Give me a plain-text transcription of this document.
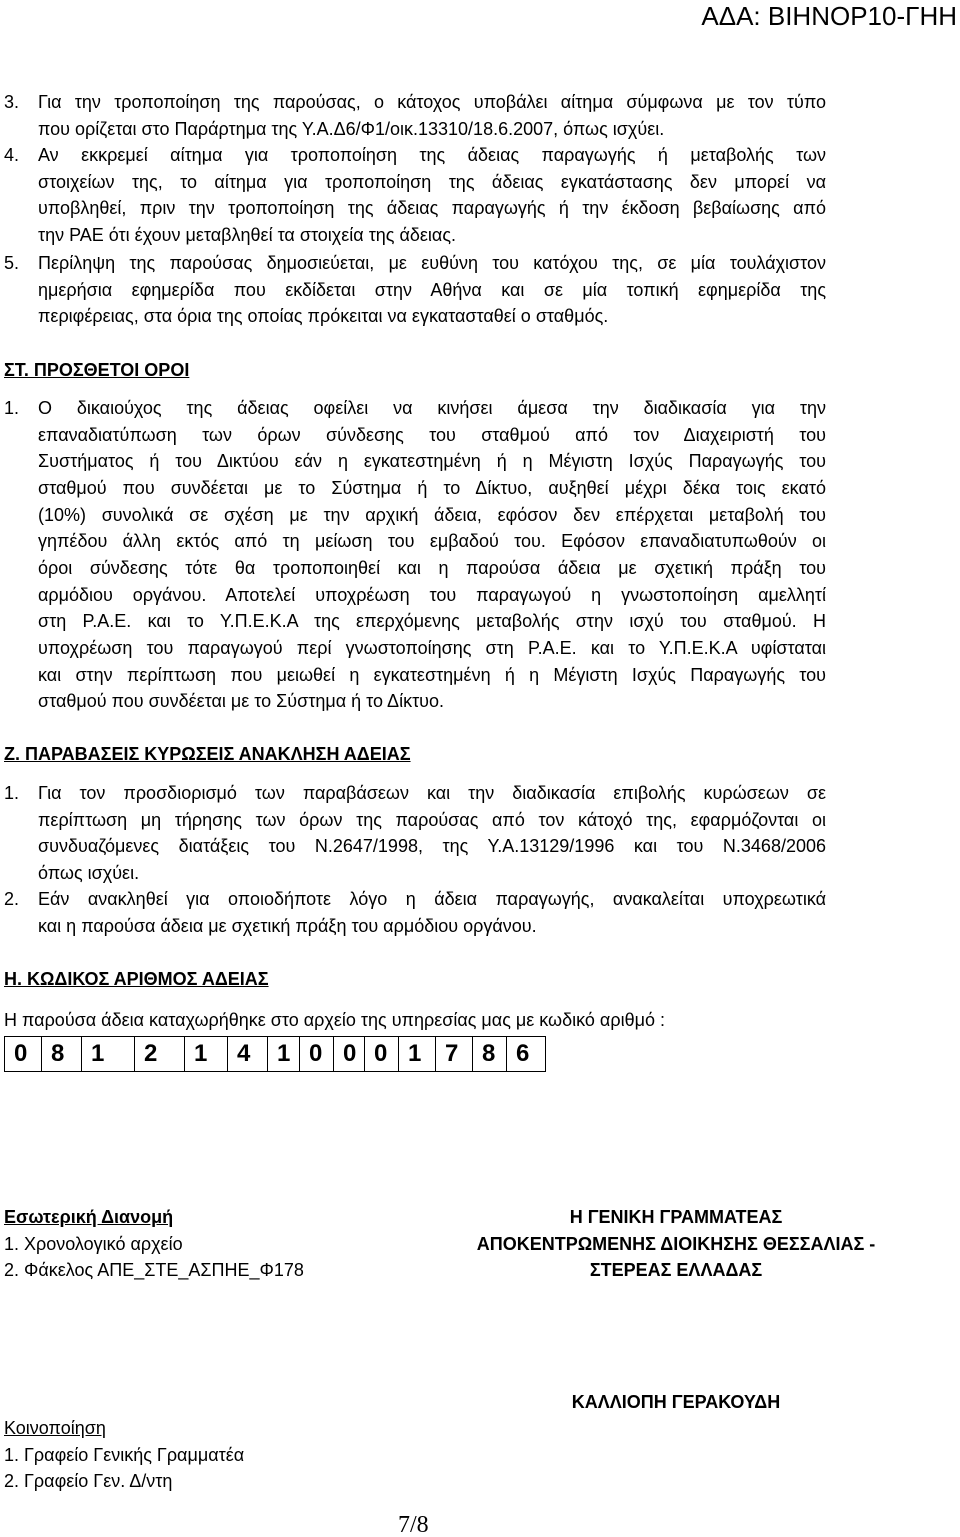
ΑΔΑ: ΒΙΗΝΟΡ10-ΓΗΗ
3. Για την τροποποίηση της παρούσας, ο κάτοχος υποβάλει αίτημα σύμφωνα με τον τύπο
που ορίζεται στο Παράρτημα της Υ.Α.Δ6/Φ1/οικ.13310/18.6.2007, όπως ισχύει.
4. Αν εκκρεμεί αίτημα για τροποποίηση της άδειας παραγωγής ή μεταβολής των
στοιχείων της, το αίτημα για τροποποίηση της άδειας εγκατάστασης δεν μπορεί να
υποβληθεί, πριν την τροποποίηση της άδειας παραγωγής ή την έκδοση βεβαίωσης από
την ΡΑΕ ότι έχουν μεταβληθεί τα στοιχεία της άδειας.
5. Περίληψη της παρούσας δημοσιεύεται, με ευθύνη του κατόχου της, σε μία τουλάχιστον
ημερήσια εφημερίδα που εκδίδεται στην Αθήνα και σε μία τοπική εφημερίδα της
περιφέρειας, στα όρια της οποίας πρόκειται να εγκατασταθεί ο σταθμός.
ΣΤ. ΠΡΟΣΘΕΤΟΙ ΟΡΟΙ
1. Ο δικαιούχος της άδειας οφείλει να κινήσει άμεσα την διαδικασία για την
επαναδιατύπωση των όρων σύνδεσης του σταθμού από τον Διαχειριστή του
Συστήματος ή του Δικτύου εάν η εγκατεστημένη ή η Μέγιστη Ισχύς Παραγωγής του
σταθμού που συνδέεται με το Σύστημα ή το Δίκτυο, αυξηθεί μέχρι δέκα τοις εκατό
(10%) συνολικά σε σχέση με την αρχική άδεια, εφόσον δεν επέρχεται μεταβολή του
γηπέδου άλλη εκτός από τη μείωση του εμβαδού του. Εφόσον επαναδιατυπωθούν οι
όροι σύνδεσης τότε θα τροποποιηθεί και η παρούσα άδεια με σχετική πράξη του
αρμόδιου οργάνου. Αποτελεί υποχρέωση του παραγωγού η γνωστοποίηση αμελλητί
στη Ρ.Α.Ε. και το Υ.Π.Ε.Κ.Α της επερχόμενης μεταβολής στην ισχύ του σταθμού. Η
υποχρέωση του παραγωγού περί γνωστοποίησης στη Ρ.Α.Ε. και το Υ.Π.Ε.Κ.Α υφίσταται
και στην περίπτωση που μειωθεί η εγκατεστημένη ή η Μέγιστη Ισχύς Παραγωγής του
σταθμού που συνδέεται με το Σύστημα ή το Δίκτυο.
Ζ. ΠΑΡΑΒΑΣΕΙΣ ΚΥΡΩΣΕΙΣ ΑΝΑΚΛΗΣΗ ΑΔΕΙΑΣ
1. Για τον προσδιορισμό των παραβάσεων και την διαδικασία επιβολής κυρώσεων σε
περίπτωση μη τήρησης των όρων της παρούσας από τον κάτοχό της, εφαρμόζονται οι
συνδυαζόμενες διατάξεις του Ν.2647/1998, της Υ.Α.13129/1996 και του Ν.3468/2006
όπως ισχύει.
2. Εάν ανακληθεί για οποιοδήποτε λόγο η άδεια παραγωγής, ανακαλείται υποχρεωτικά
και η παρούσα άδεια με σχετική πράξη του αρμόδιου οργάνου.
Η. ΚΩΔΙΚΟΣ ΑΡΙΘΜΟΣ ΑΔΕΙΑΣ
Η παρούσα άδεια καταχωρήθηκε στο αρχείο της υπηρεσίας μας με κωδικό αριθμό :
0 8	1	2	1	4	1 0 0 0 1 7 8 6
Εσωτερική Διανομή
1. Χρονολογικό αρχείο
2. Φάκελος ΑΠΕ_ΣΤΕ_ΑΣΠΗΕ_Φ178
Η ΓΕΝΙΚΗ ΓΡΑΜΜΑΤΕΑΣ
ΑΠΟΚΕΝΤΡΩΜΕΝΗΣ ΔΙΟΙΚΗΣΗΣ ΘΕΣΣΑΛΙΑΣ -
ΣΤΕΡΕΑΣ ΕΛΛΑΔΑΣ
ΚΑΛΛΙΟΠΗ ΓΕΡΑΚΟΥΔΗ
Κοινοποίηση
1. Γραφείο Γενικής Γραμματέα
2. Γραφείο Γεν. Δ/ντη
7/8
